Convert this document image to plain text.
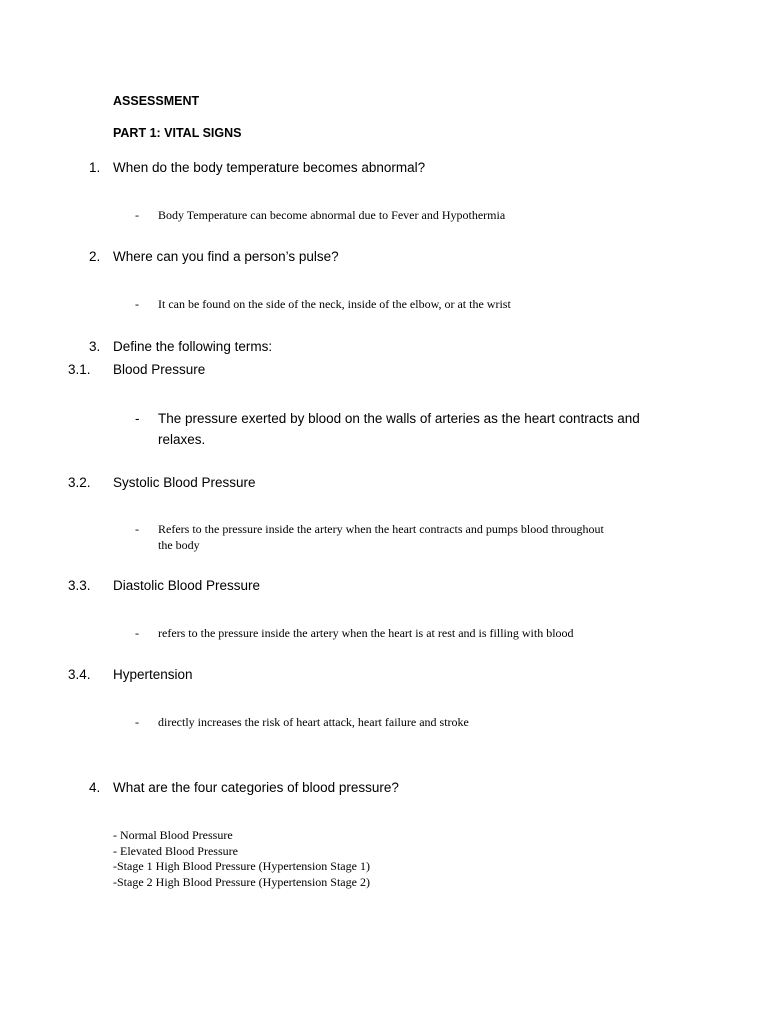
ASSESSMENT
PART 1: VITAL SIGNS
1. When do the body temperature becomes abnormal?
- Body Temperature can become abnormal due to Fever and Hypothermia
2. Where can you find a person’s pulse?
- It can be found on the side of the neck, inside of the elbow, or at the wrist
3. Define the following terms:
3.1. Blood Pressure
- The pressure exerted by blood on the walls of arteries as the heart contracts and
relaxes.
3.2. Systolic Blood Pressure
- Refers to the pressure inside the artery when the heart contracts and pumps blood throughout
the body
3.3. Diastolic Blood Pressure
- refers to the pressure inside the artery when the heart is at rest and is filling with blood
3.4. Hypertension
- directly increases the risk of heart attack, heart failure and stroke
4. What are the four categories of blood pressure?
- Normal Blood Pressure
- Elevated Blood Pressure
-Stage 1 High Blood Pressure (Hypertension Stage 1)
-Stage 2 High Blood Pressure (Hypertension Stage 2)
